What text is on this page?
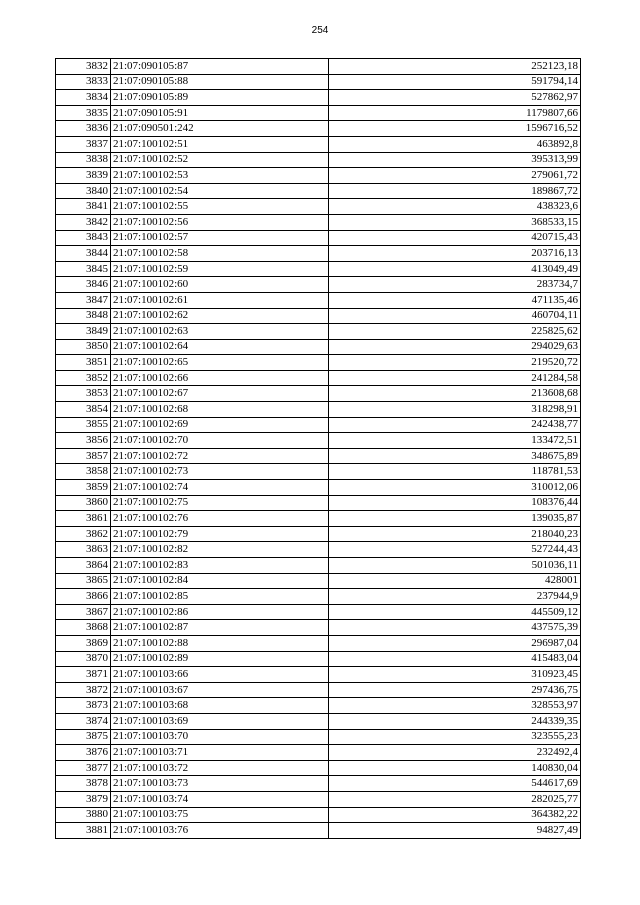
254
3832	21:07:090105:87	252123,18
3833	21:07:090105:88	591794,14
3834	21:07:090105:89	527862,97
3835	21:07:090105:91	1179807,66
3836	21:07:090501:242	1596716,52
3837	21:07:100102:51	463892,8
3838	21:07:100102:52	395313,99
3839	21:07:100102:53	279061,72
3840	21:07:100102:54	189867,72
3841	21:07:100102:55	438323,6
3842	21:07:100102:56	368533,15
3843	21:07:100102:57	420715,43
3844	21:07:100102:58	203716,13
3845	21:07:100102:59	413049,49
3846	21:07:100102:60	283734,7
3847	21:07:100102:61	471135,46
3848	21:07:100102:62	460704,11
3849	21:07:100102:63	225825,62
3850	21:07:100102:64	294029,63
3851	21:07:100102:65	219520,72
3852	21:07:100102:66	241284,58
3853	21:07:100102:67	213608,68
3854	21:07:100102:68	318298,91
3855	21:07:100102:69	242438,77
3856	21:07:100102:70	133472,51
3857	21:07:100102:72	348675,89
3858	21:07:100102:73	118781,53
3859	21:07:100102:74	310012,06
3860	21:07:100102:75	108376,44
3861	21:07:100102:76	139035,87
3862	21:07:100102:79	218040,23
3863	21:07:100102:82	527244,43
3864	21:07:100102:83	501036,11
3865	21:07:100102:84	428001
3866	21:07:100102:85	237944,9
3867	21:07:100102:86	445509,12
3868	21:07:100102:87	437575,39
3869	21:07:100102:88	296987,04
3870	21:07:100102:89	415483,04
3871	21:07:100103:66	310923,45
3872	21:07:100103:67	297436,75
3873	21:07:100103:68	328553,97
3874	21:07:100103:69	244339,35
3875	21:07:100103:70	323555,23
3876	21:07:100103:71	232492,4
3877	21:07:100103:72	140830,04
3878	21:07:100103:73	544617,69
3879	21:07:100103:74	282025,77
3880	21:07:100103:75	364382,22
3881	21:07:100103:76	94827,49
